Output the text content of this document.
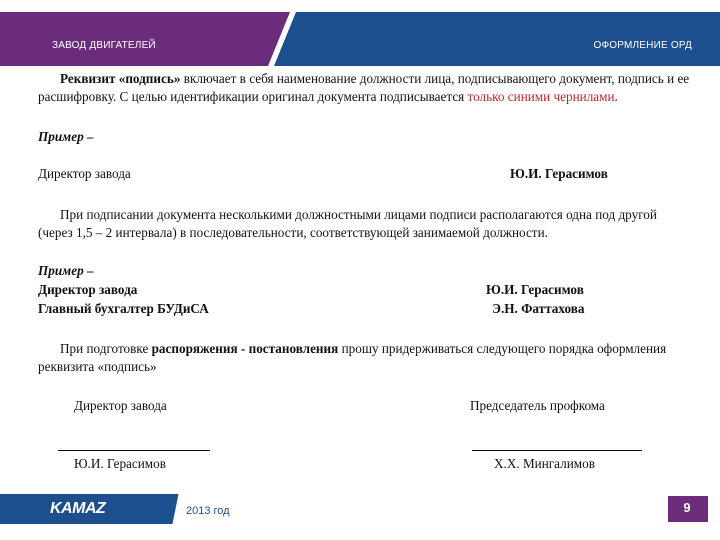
ЗАВОД ДВИГАТЕЛЕЙ	ОФОРМЛЕНИЕ ОРД
Реквизит «подпись» включает в себя наименование должности лица, подписывающего документ, подпись и ее расшифровку. С целью идентификации оригинал документа подписывается только синими чернилами.
Пример –
Директор завода	Ю.И. Герасимов
При подписании документа несколькими должностными лицами подписи располагаются одна под другой (через 1,5 – 2 интервала) в последовательности, соответствующей занимаемой должности.
Пример –
Директор завода	Ю.И. Герасимов
Главный бухгалтер БУДиСА	Э.Н. Фаттахова
При подготовке распоряжения - постановления прошу придерживаться следующего порядка оформления реквизита «подпись»
Директор завода	Председатель профкома
Ю.И. Герасимов	Х.Х. Мингалимов
KAMAZ	2013 год	9
